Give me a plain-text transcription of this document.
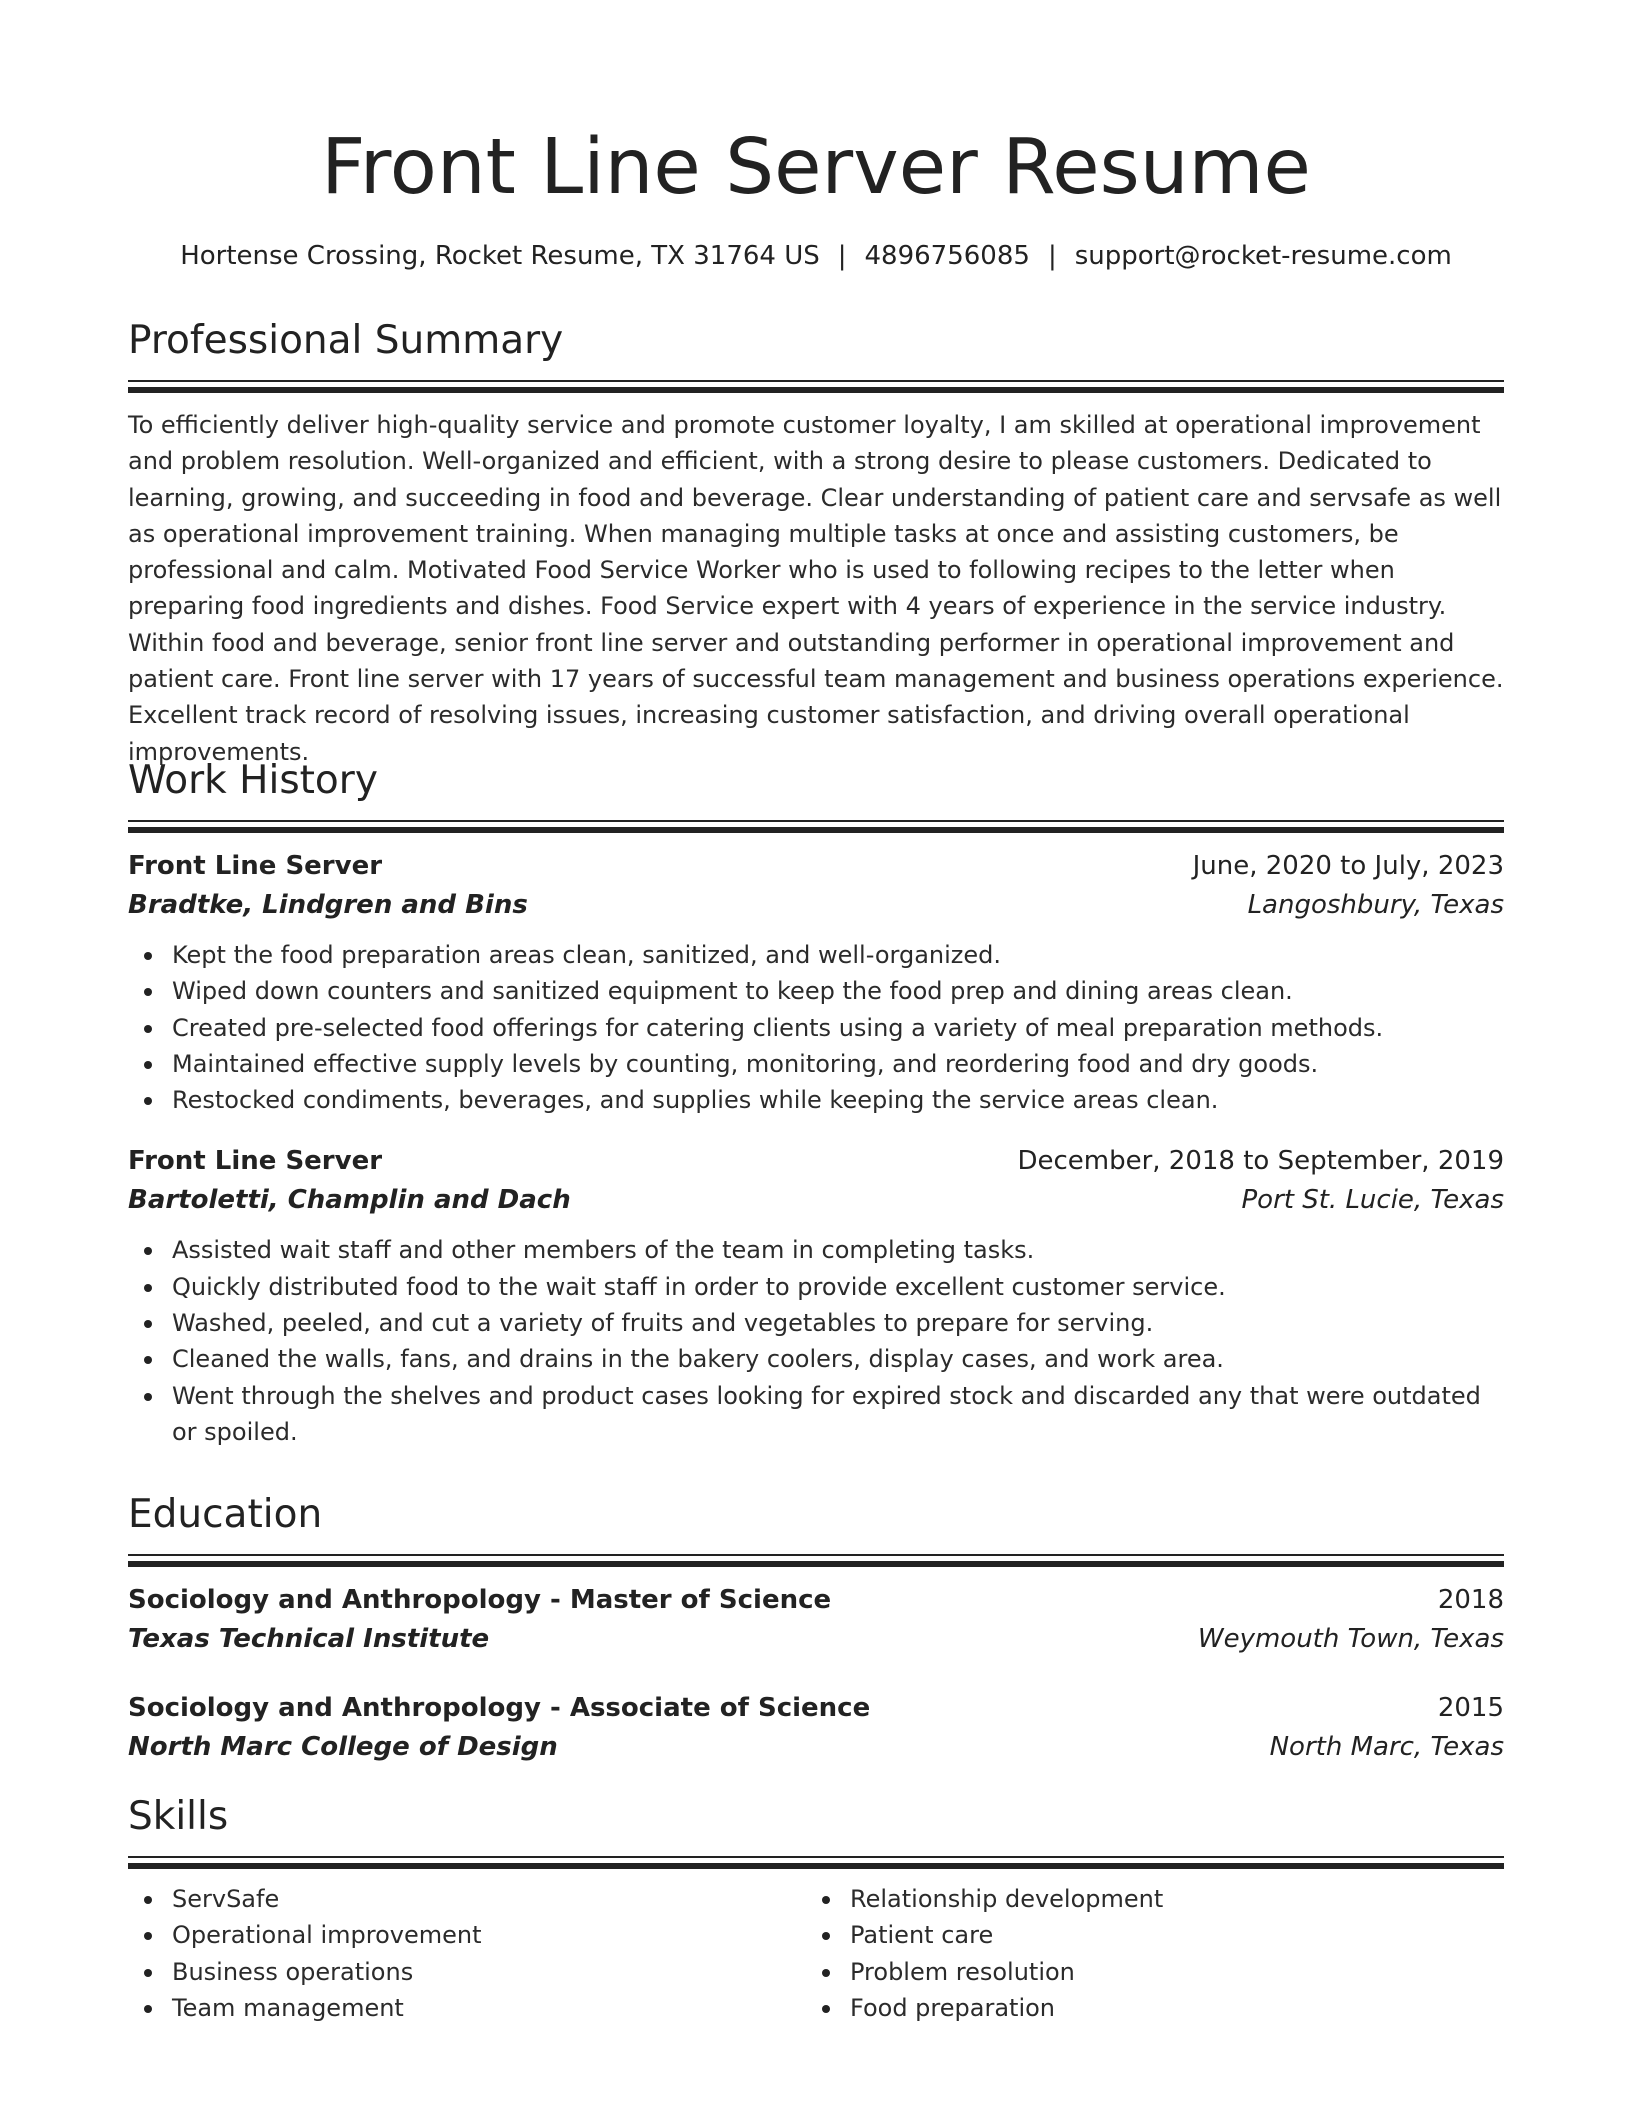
Front Line Server Resume
Hortense Crossing, Rocket Resume, TX 31764 US | 4896756085 | support@rocket-resume.com
Professional Summary

To efficiently deliver high-quality service and promote customer loyalty, I am skilled at operational improvement and problem resolution. Well-organized and efficient, with a strong desire to please customers. Dedicated to learning, growing, and succeeding in food and beverage. Clear understanding of patient care and servsafe as well as operational improvement training. When managing multiple tasks at once and assisting customers, be professional and calm. Motivated Food Service Worker who is used to following recipes to the letter when preparing food ingredients and dishes. Food Service expert with 4 years of experience in the service industry. Within food and beverage, senior front line server and outstanding performer in operational improvement and patient care. Front line server with 17 years of successful team management and business operations experience. Excellent track record of resolving issues, increasing customer satisfaction, and driving overall operational improvements.

Work History
Front Line Server	June, 2020 to July, 2023
Bradtke, Lindgren and Bins	Langoshbury, Texas
Kept the food preparation areas clean, sanitized, and well-organized.
Wiped down counters and sanitized equipment to keep the food prep and dining areas clean.
Created pre-selected food offerings for catering clients using a variety of meal preparation methods.
Maintained effective supply levels by counting, monitoring, and reordering food and dry goods.
Restocked condiments, beverages, and supplies while keeping the service areas clean.
Front Line Server	December, 2018 to September, 2019
Bartoletti, Champlin and Dach	Port St. Lucie, Texas
Assisted wait staff and other members of the team in completing tasks.
Quickly distributed food to the wait staff in order to provide excellent customer service.
Washed, peeled, and cut a variety of fruits and vegetables to prepare for serving.
Cleaned the walls, fans, and drains in the bakery coolers, display cases, and work area.
Went through the shelves and product cases looking for expired stock and discarded any that were outdated or spoiled.
Education
Sociology and Anthropology - Master of Science	2018
Texas Technical Institute	Weymouth Town, Texas
Sociology and Anthropology - Associate of Science	2015
North Marc College of Design	North Marc, Texas
Skills
ServSafe
Operational improvement
Business operations
Team management
Relationship development
Patient care
Problem resolution
Food preparation
